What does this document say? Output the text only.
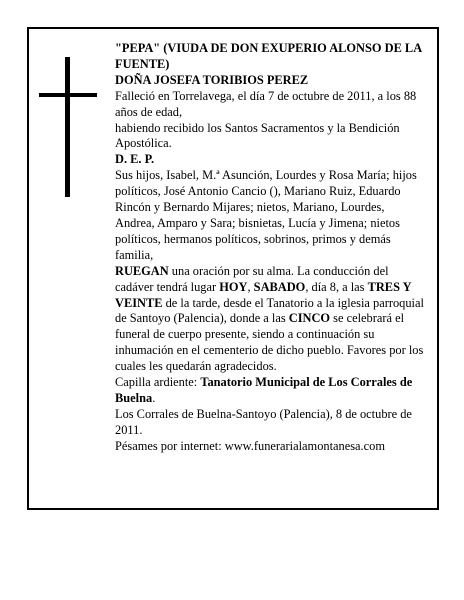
"PEPA" (VIUDA DE DON EXUPERIO ALONSO DE LA FUENTE)

DOÑA JOSEFA TORIBIOS PEREZ

Falleció en Torrelavega, el día 7 de octubre de 2011, a los 88 años de edad,

habiendo recibido los Santos Sacramentos y la Bendición Apostólica.

D. E. P.

Sus hijos, Isabel, M.ª Asunción, Lourdes y Rosa María; hijos políticos, José Antonio Cancio (), Mariano Ruiz, Eduardo Rincón y Bernardo Mijares; nietos, Mariano, Lourdes, Andrea, Amparo y Sara; bisnietas, Lucía y Jimena; nietos políticos, hermanos políticos, sobrinos, primos y demás familia,

RUEGAN una oración por su alma. La conducción del cadáver tendrá lugar HOY, SABADO, día 8, a las TRES Y VEINTE de la tarde, desde el Tanatorio a la iglesia parroquial de Santoyo (Palencia), donde a las CINCO se celebrará el funeral de cuerpo presente, siendo a continuación su inhumación en el cementerio de dicho pueblo. Favores por los cuales les quedarán agradecidos.

Capilla ardiente: Tanatorio Municipal de Los Corrales de Buelna.

Los Corrales de Buelna-Santoyo (Palencia), 8 de octubre de 2011.

Pésames por internet: www.funerarialamontanesa.com
